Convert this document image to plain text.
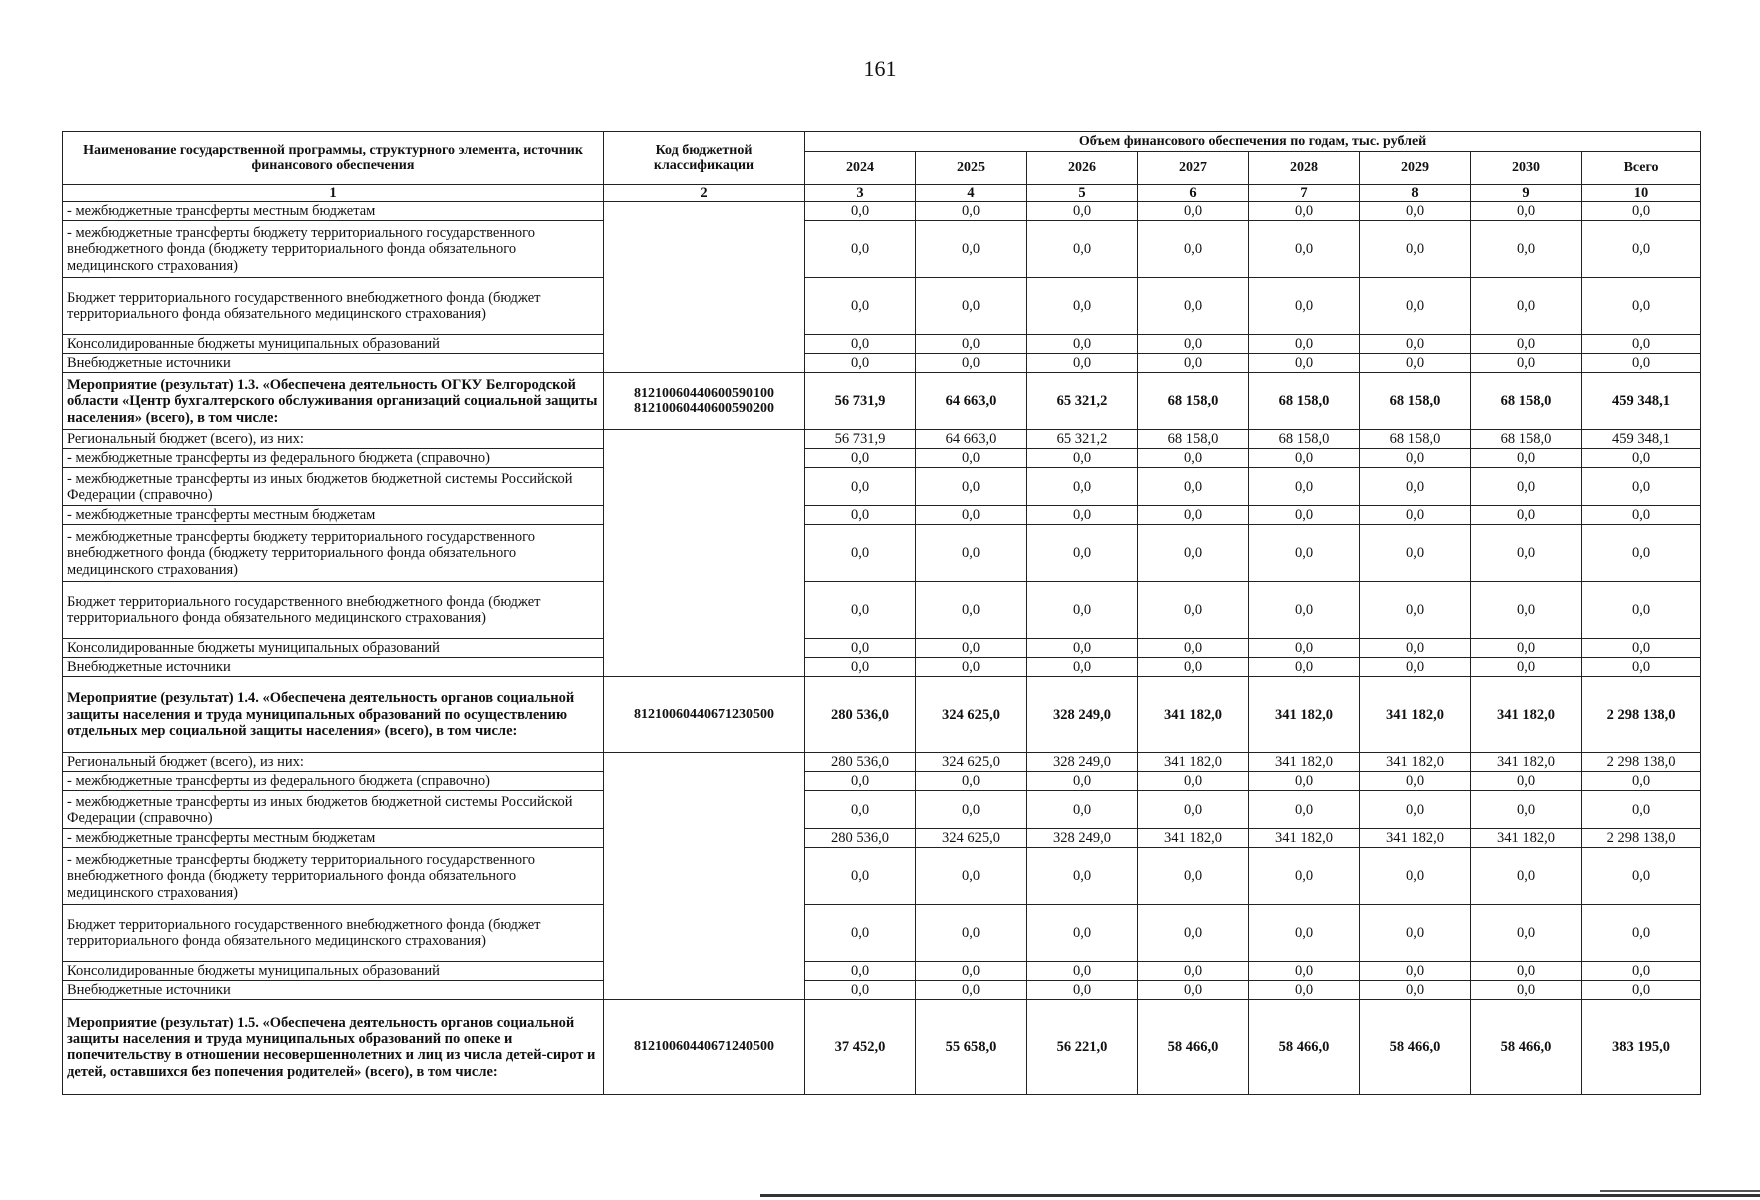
161
Наименование государственной программы, структурного элемента, источник финансового обеспечения	Код бюджетной классификации	Объем финансового обеспечения по годам, тыс. рублей							
		2024	2025	2026	2027	2028	2029	2030	Всего
1	2	3	4	5	6	7	8	9	10
- межбюджетные трансферты местным бюджетам		0,0	0,0	0,0	0,0	0,0	0,0	0,0	0,0
- межбюджетные трансферты бюджету территориального государственного внебюджетного фонда (бюджету территориального фонда обязательного медицинского страхования)		0,0	0,0	0,0	0,0	0,0	0,0	0,0	0,0
Бюджет территориального государственного внебюджетного фонда (бюджет территориального фонда обязательного медицинского страхования)		0,0	0,0	0,0	0,0	0,0	0,0	0,0	0,0
Консолидированные бюджеты муниципальных образований		0,0	0,0	0,0	0,0	0,0	0,0	0,0	0,0
Внебюджетные источники		0,0	0,0	0,0	0,0	0,0	0,0	0,0	0,0
Мероприятие (результат) 1.3. «Обеспечена деятельность ОГКУ Белгородской области «Центр бухгалтерского обслуживания организаций социальной защиты населения» (всего), в том числе:	81210060440600590100 81210060440600590200	56 731,9	64 663,0	65 321,2	68 158,0	68 158,0	68 158,0	68 158,0	459 348,1
Региональный бюджет (всего), из них:		56 731,9	64 663,0	65 321,2	68 158,0	68 158,0	68 158,0	68 158,0	459 348,1
- межбюджетные трансферты из федерального бюджета (справочно)		0,0	0,0	0,0	0,0	0,0	0,0	0,0	0,0
- межбюджетные трансферты из иных бюджетов бюджетной системы Российской Федерации (справочно)		0,0	0,0	0,0	0,0	0,0	0,0	0,0	0,0
- межбюджетные трансферты местным бюджетам		0,0	0,0	0,0	0,0	0,0	0,0	0,0	0,0
- межбюджетные трансферты бюджету территориального государственного внебюджетного фонда (бюджету территориального фонда обязательного медицинского страхования)		0,0	0,0	0,0	0,0	0,0	0,0	0,0	0,0
Бюджет территориального государственного внебюджетного фонда (бюджет территориального фонда обязательного медицинского страхования)		0,0	0,0	0,0	0,0	0,0	0,0	0,0	0,0
Консолидированные бюджеты муниципальных образований		0,0	0,0	0,0	0,0	0,0	0,0	0,0	0,0
Внебюджетные источники		0,0	0,0	0,0	0,0	0,0	0,0	0,0	0,0
Мероприятие (результат) 1.4. «Обеспечена деятельность органов социальной защиты населения и труда муниципальных образований по осуществлению отдельных мер социальной защиты населения» (всего), в том числе:	81210060440671230500	280 536,0	324 625,0	328 249,0	341 182,0	341 182,0	341 182,0	341 182,0	2 298 138,0
Региональный бюджет (всего), из них:		280 536,0	324 625,0	328 249,0	341 182,0	341 182,0	341 182,0	341 182,0	2 298 138,0
- межбюджетные трансферты из федерального бюджета (справочно)		0,0	0,0	0,0	0,0	0,0	0,0	0,0	0,0
- межбюджетные трансферты из иных бюджетов бюджетной системы Российской Федерации (справочно)		0,0	0,0	0,0	0,0	0,0	0,0	0,0	0,0
- межбюджетные трансферты местным бюджетам		280 536,0	324 625,0	328 249,0	341 182,0	341 182,0	341 182,0	341 182,0	2 298 138,0
- межбюджетные трансферты бюджету территориального государственного внебюджетного фонда (бюджету территориального фонда обязательного медицинского страхования)		0,0	0,0	0,0	0,0	0,0	0,0	0,0	0,0
Бюджет территориального государственного внебюджетного фонда (бюджет территориального фонда обязательного медицинского страхования)		0,0	0,0	0,0	0,0	0,0	0,0	0,0	0,0
Консолидированные бюджеты муниципальных образований		0,0	0,0	0,0	0,0	0,0	0,0	0,0	0,0
Внебюджетные источники		0,0	0,0	0,0	0,0	0,0	0,0	0,0	0,0
Мероприятие (результат) 1.5. «Обеспечена деятельность органов социальной защиты населения и труда муниципальных образований по опеке и попечительству в отношении несовершеннолетних и лиц из числа детей-сирот и детей, оставшихся без попечения родителей» (всего), в том числе:	81210060440671240500	37 452,0	55 658,0	56 221,0	58 466,0	58 466,0	58 466,0	58 466,0	383 195,0
